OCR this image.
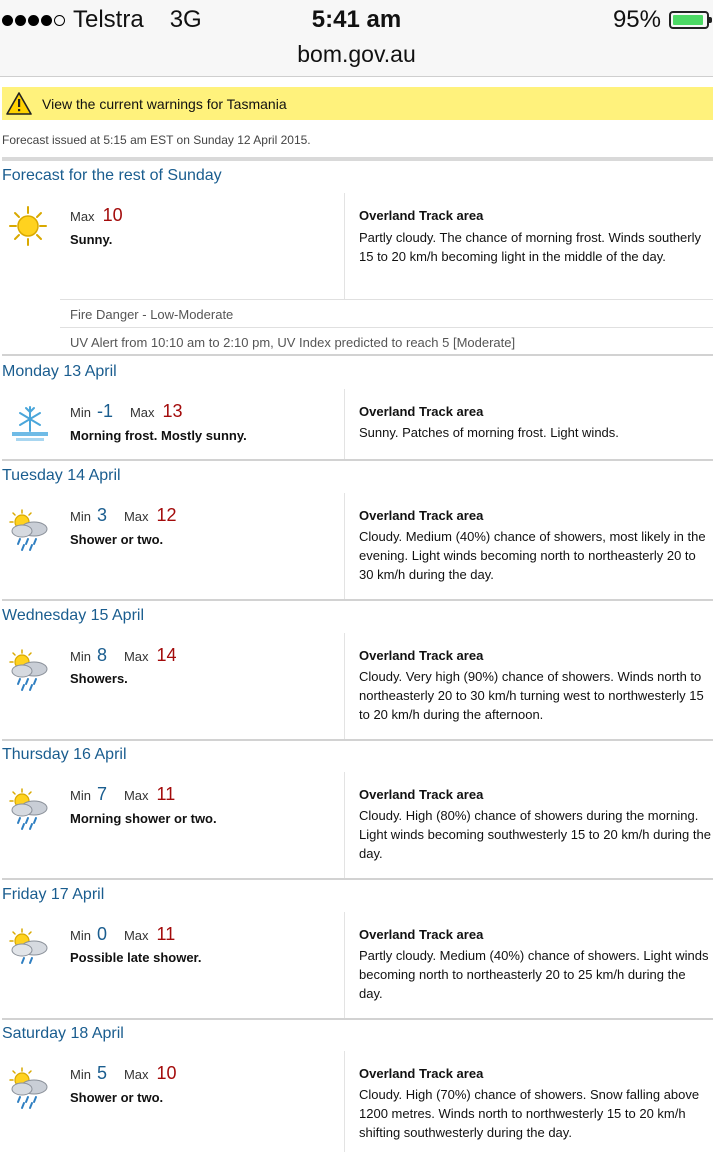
Telstra 3G	5:41 am	95%
bom.gov.au
View the current warnings for Tasmania
Forecast issued at 5:15 am EST on Sunday 12 April 2015.
Forecast for the rest of Sunday
Max 10
Sunny.
Overland Track area
Partly cloudy. The chance of morning frost. Winds southerly 15 to 20 km/h becoming light in the middle of the day.
Fire Danger - Low-Moderate
UV Alert from 10:10 am to 2:10 pm, UV Index predicted to reach 5 [Moderate]
Monday 13 April
Min -1 Max 13
Morning frost. Mostly sunny.
Overland Track area
Sunny. Patches of morning frost. Light winds.
Tuesday 14 April
Min 3 Max 12
Shower or two.
Overland Track area
Cloudy. Medium (40%) chance of showers, most likely in the evening. Light winds becoming north to northeasterly 20 to 30 km/h during the day.
Wednesday 15 April
Min 8 Max 14
Showers.
Overland Track area
Cloudy. Very high (90%) chance of showers. Winds north to northeasterly 20 to 30 km/h turning west to northwesterly 15 to 20 km/h during the afternoon.
Thursday 16 April
Min 7 Max 11
Morning shower or two.
Overland Track area
Cloudy. High (80%) chance of showers during the morning. Light winds becoming southwesterly 15 to 20 km/h during the day.
Friday 17 April
Min 0 Max 11
Possible late shower.
Overland Track area
Partly cloudy. Medium (40%) chance of showers. Light winds becoming north to northeasterly 20 to 25 km/h during the day.
Saturday 18 April
Min 5 Max 10
Shower or two.
Overland Track area
Cloudy. High (70%) chance of showers. Snow falling above 1200 metres. Winds north to northwesterly 15 to 20 km/h shifting southwesterly during the day.
